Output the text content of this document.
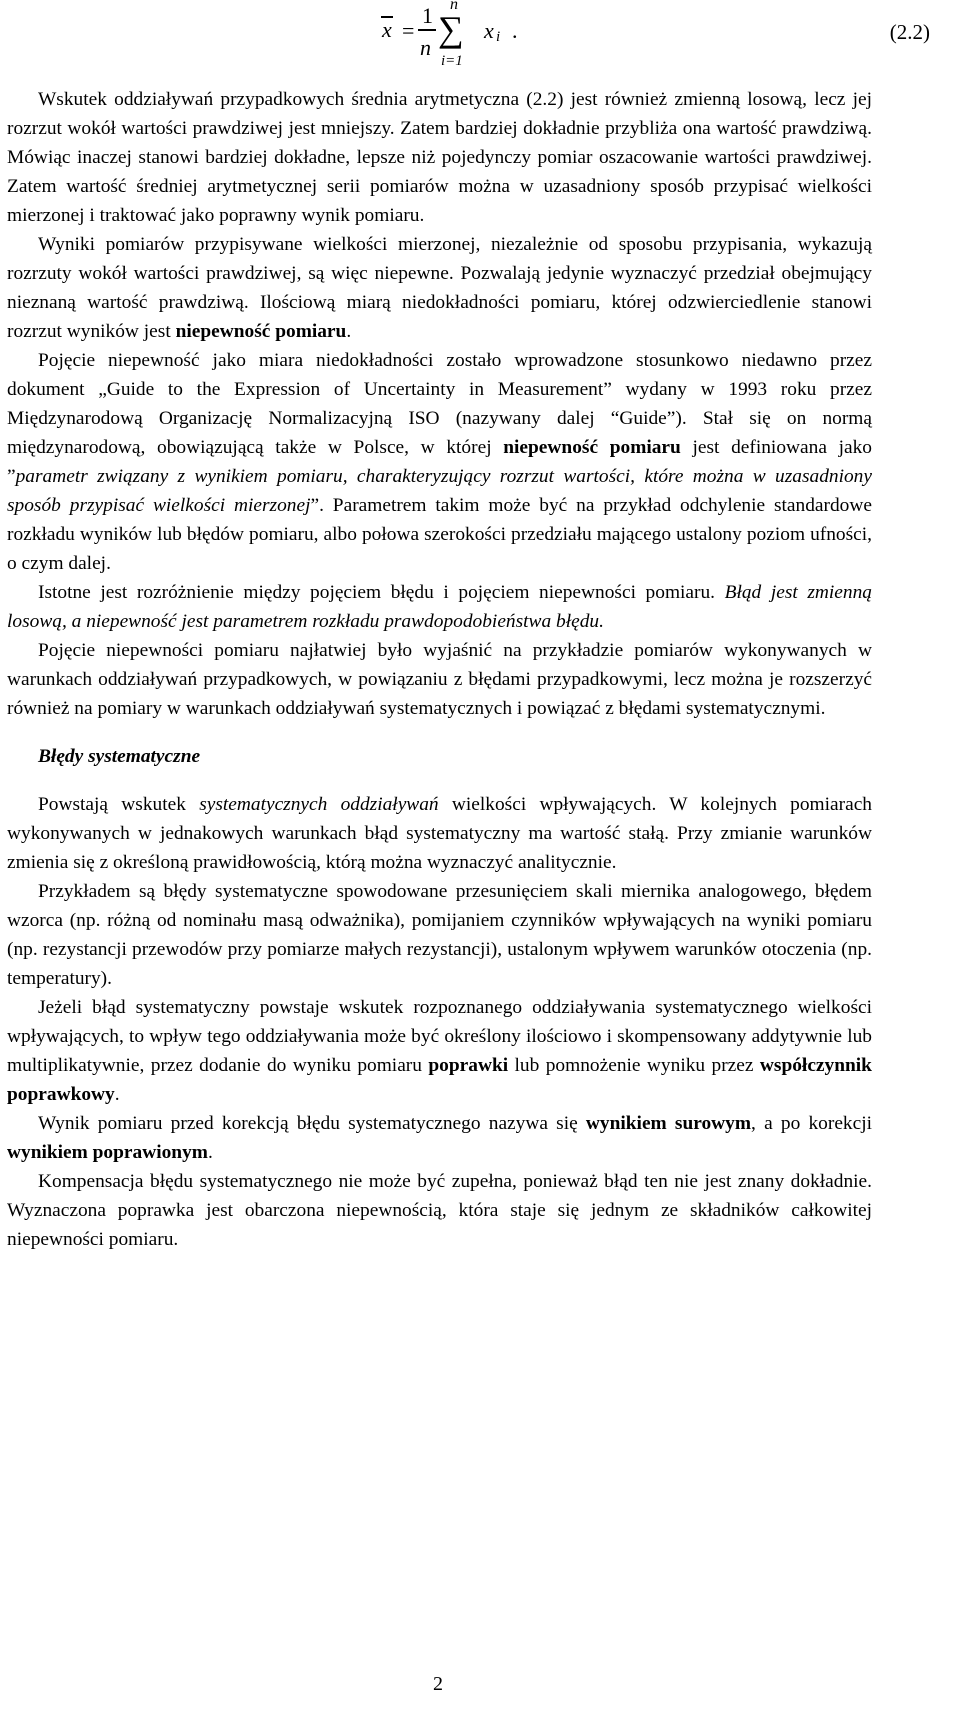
x =
1
n
n
∑
i=1
x i .	(2.2)

Wskutek oddziaływań przypadkowych średnia arytmetyczna (2.2) jest również zmienną losową, lecz jej rozrzut wokół wartości prawdziwej jest mniejszy. Zatem bardziej dokładnie przybliża ona wartość prawdziwą. Mówiąc inaczej stanowi bardziej dokładne, lepsze niż pojedynczy pomiar oszacowanie wartości prawdziwej. Zatem wartość średniej arytmetycznej serii pomiarów można w uzasadniony sposób przypisać wielkości mierzonej i traktować jako poprawny wynik pomiaru.

Wyniki pomiarów przypisywane wielkości mierzonej, niezależnie od sposobu przypisania, wykazują rozrzuty wokół wartości prawdziwej, są więc niepewne. Pozwalają jedynie wyznaczyć przedział obejmujący nieznaną wartość prawdziwą. Ilościową miarą niedokładności pomiaru, której odzwierciedlenie stanowi rozrzut wyników jest niepewność pomiaru.

Pojęcie niepewność jako miara niedokładności zostało wprowadzone stosunkowo niedawno przez dokument „Guide to the Expression of Uncertainty in Measurement” wydany w 1993 roku przez Międzynarodową Organizację Normalizacyjną ISO (nazywany dalej “Guide”). Stał się on normą międzynarodową, obowiązującą także w Polsce, w której niepewność pomiaru jest definiowana jako ”parametr związany z wynikiem pomiaru, charakteryzujący rozrzut wartości, które można w uzasadniony sposób przypisać wielkości mierzonej”. Parametrem takim może być na przykład odchylenie standardowe rozkładu wyników lub błędów pomiaru, albo połowa szerokości przedziału mającego ustalony poziom ufności, o czym dalej.

Istotne jest rozróżnienie między pojęciem błędu i pojęciem niepewności pomiaru. Błąd jest zmienną losową, a niepewność jest parametrem rozkładu prawdopodobieństwa błędu.

Pojęcie niepewności pomiaru najłatwiej było wyjaśnić na przykładzie pomiarów wykonywanych w warunkach oddziaływań przypadkowych, w powiązaniu z błędami przypadkowymi, lecz można je rozszerzyć również na pomiary w warunkach oddziaływań systematycznych i powiązać z błędami systematycznymi.

Błędy systematyczne

Powstają wskutek systematycznych oddziaływań wielkości wpływających. W kolejnych pomiarach wykonywanych w jednakowych warunkach błąd systematyczny ma wartość stałą. Przy zmianie warunków zmienia się z określoną prawidłowością, którą można wyznaczyć analitycznie.

Przykładem są błędy systematyczne spowodowane przesunięciem skali miernika analogowego, błędem wzorca (np. różną od nominału masą odważnika), pomijaniem czynników wpływających na wyniki pomiaru (np. rezystancji przewodów przy pomiarze małych rezystancji), ustalonym wpływem warunków otoczenia (np. temperatury).

Jeżeli błąd systematyczny powstaje wskutek rozpoznanego oddziaływania systematycznego wielkości wpływających, to wpływ tego oddziaływania może być określony ilościowo i skompensowany addytywnie lub multiplikatywnie, przez dodanie do wyniku pomiaru poprawki lub pomnożenie wyniku przez współczynnik poprawkowy.

Wynik pomiaru przed korekcją błędu systematycznego nazywa się wynikiem surowym, a po korekcji wynikiem poprawionym.

Kompensacja błędu systematycznego nie może być zupełna, ponieważ błąd ten nie jest znany dokładnie. Wyznaczona poprawka jest obarczona niepewnością, która staje się jednym ze składników całkowitej niepewności pomiaru.

2
